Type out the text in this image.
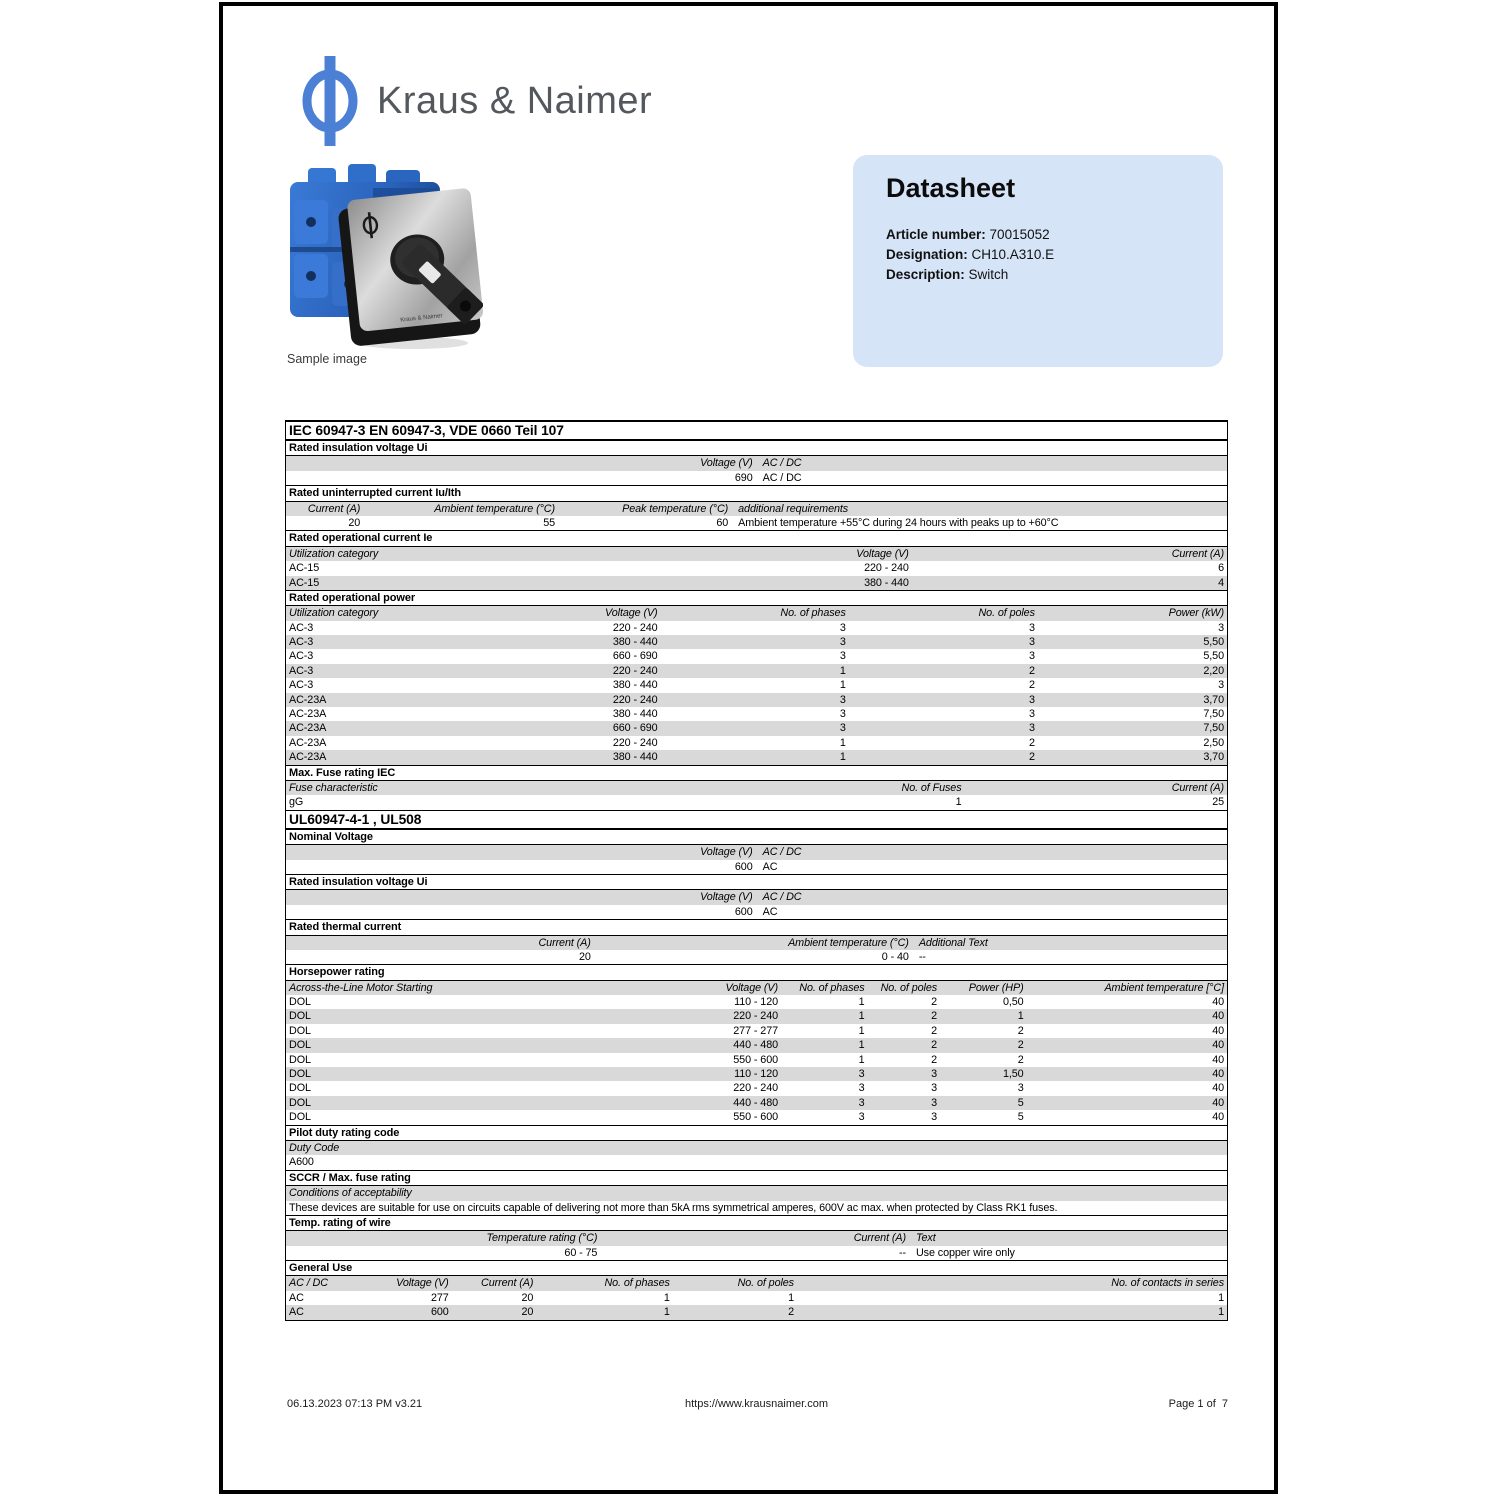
Kraus & Naimer
Kraus & Naimer
Sample image
Datasheet
Article number: 70015052
Designation: CH10.A310.E
Description: Switch
IEC 60947-3 EN 60947-3, VDE 0660 Teil 107
Rated insulation voltage Ui
Voltage (V) AC / DC
690 AC / DC
Rated uninterrupted current Iu/Ith
Current (A)	Ambient temperature (°C)	Peak temperature (°C) additional requirements
20	55	60 Ambient temperature +55°C during 24 hours with peaks up to +60°C
Rated operational current Ie
Utilization category	Voltage (V)	Current (A)
AC-15	220 - 240	6
AC-15	380 - 440	4
Rated operational power
Utilization category	Voltage (V)	No. of phases	No. of poles	Power (kW)
AC-3	220 - 240	3	3	3
AC-3	380 - 440	3	3	5,50
AC-3	660 - 690	3	3	5,50
AC-3	220 - 240	1	2	2,20
AC-3	380 - 440	1	2	3
AC-23A	220 - 240	3	3	3,70
AC-23A	380 - 440	3	3	7,50
AC-23A	660 - 690	3	3	7,50
AC-23A	220 - 240	1	2	2,50
AC-23A	380 - 440	1	2	3,70
Max. Fuse rating IEC
Fuse characteristic	No. of Fuses	Current (A)
gG	1	25
UL60947-4-1 , UL508
Nominal Voltage
Voltage (V) AC / DC
600 AC
Rated insulation voltage Ui
Voltage (V) AC / DC
600 AC
Rated thermal current
Current (A)	Ambient temperature (°C) Additional Text
20	0 - 40 --
Horsepower rating
Across-the-Line Motor Starting	Voltage (V)	No. of phases	No. of poles	Power (HP)	Ambient temperature [°C]
DOL	110 - 120	1	2	0,50	40
DOL	220 - 240	1	2	1	40
DOL	277 - 277	1	2	2	40
DOL	440 - 480	1	2	2	40
DOL	550 - 600	1	2	2	40
DOL	110 - 120	3	3	1,50	40
DOL	220 - 240	3	3	3	40
DOL	440 - 480	3	3	5	40
DOL	550 - 600	3	3	5	40
Pilot duty rating code
Duty Code
A600
SCCR / Max. fuse rating
Conditions of acceptability
These devices are suitable for use on circuits capable of delivering not more than 5kA rms symmetrical amperes, 600V ac max. when protected by Class RK1 fuses.
Temp. rating of wire
Temperature rating (°C)	Current (A) Text
60 - 75	-- Use copper wire only
General Use
AC / DC	Voltage (V)	Current (A)	No. of phases	No. of poles	No. of contacts in series
AC	277	20	1	1	1
AC	600	20	1	2	1
06.13.2023 07:13 PM v3.21	https://www.krausnaimer.com	Page 1 of  7
